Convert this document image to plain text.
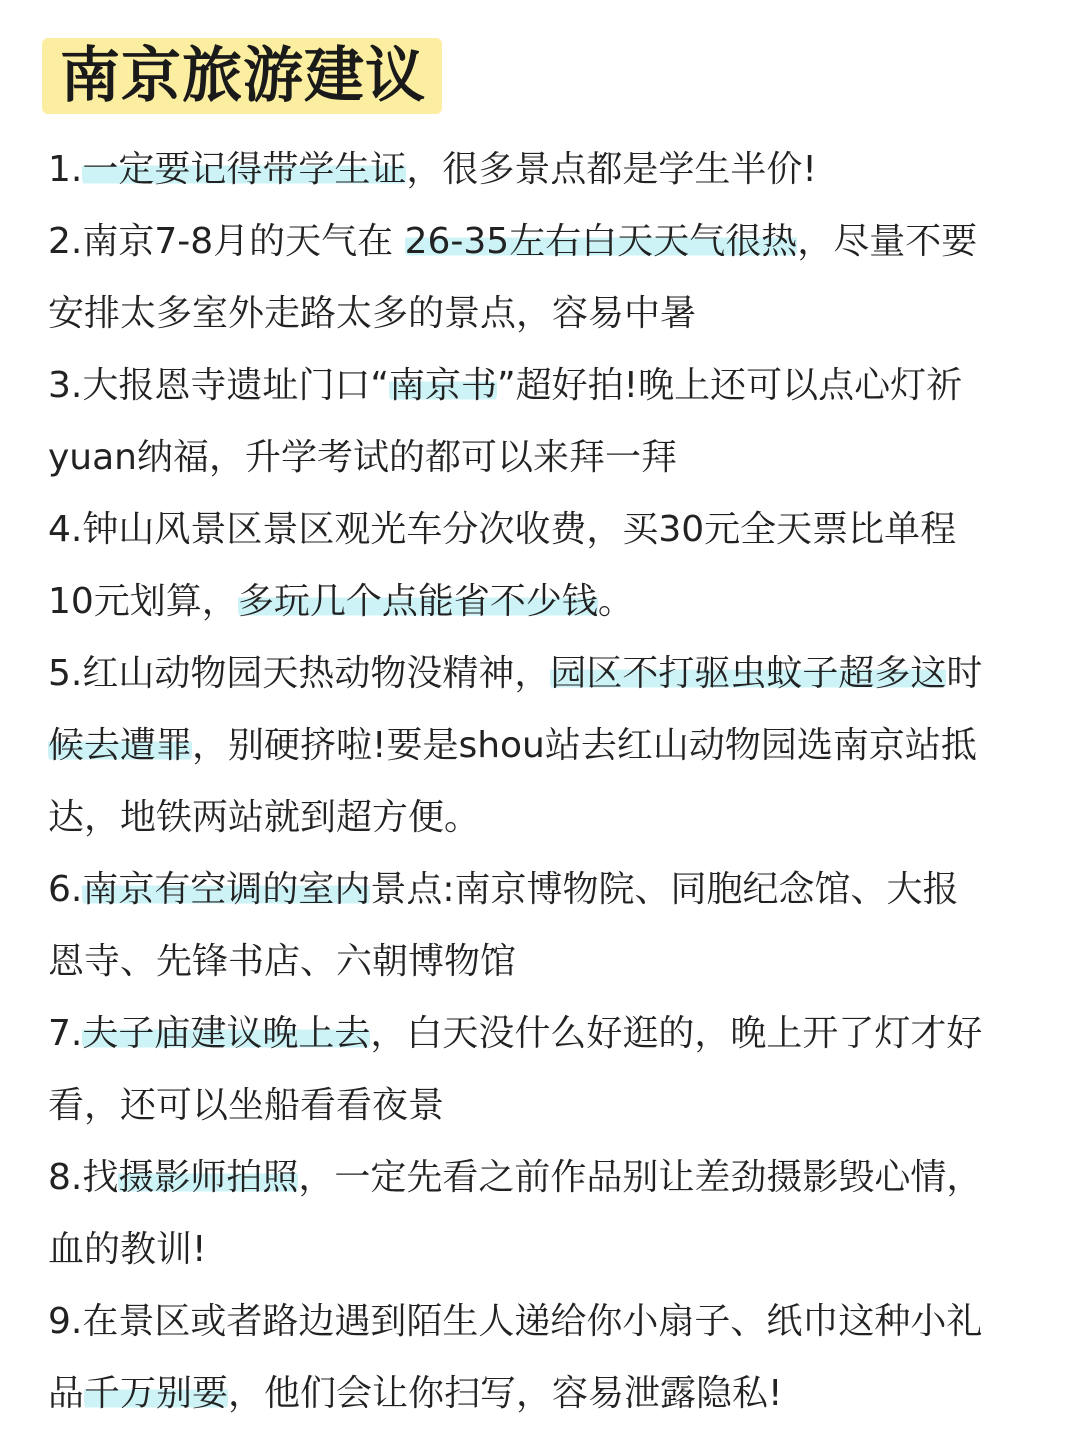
南京旅游建议
1.一定要记得带学生证，很多景点都是学生半价!
2.南京7-8月的天气在 26-35左右白天天气很热，尽量不要
安排太多室外走路太多的景点，容易中暑
3.大报恩寺遗址门口“南京书”超好拍!晚上还可以点心灯祈
yuan纳福，升学考试的都可以来拜一拜
4.钟山风景区景区观光车分次收费，买30元全天票比单程
10元划算，多玩几个点能省不少钱。
5.红山动物园天热动物没精神，园区不打驱虫蚊子超多这时
候去遭罪，别硬挤啦!要是shou站去红山动物园选南京站抵
达，地铁两站就到超方便。
6.南京有空调的室内景点:南京博物院、同胞纪念馆、大报
恩寺、先锋书店、六朝博物馆
7.夫子庙建议晚上去，白天没什么好逛的，晚上开了灯才好
看，还可以坐船看看夜景
8.找摄影师拍照，一定先看之前作品别让差劲摄影毁心情，
血的教训!
9.在景区或者路边遇到陌生人递给你小扇子、纸巾这种小礼
品千万别要，他们会让你扫写，容易泄露隐私!
